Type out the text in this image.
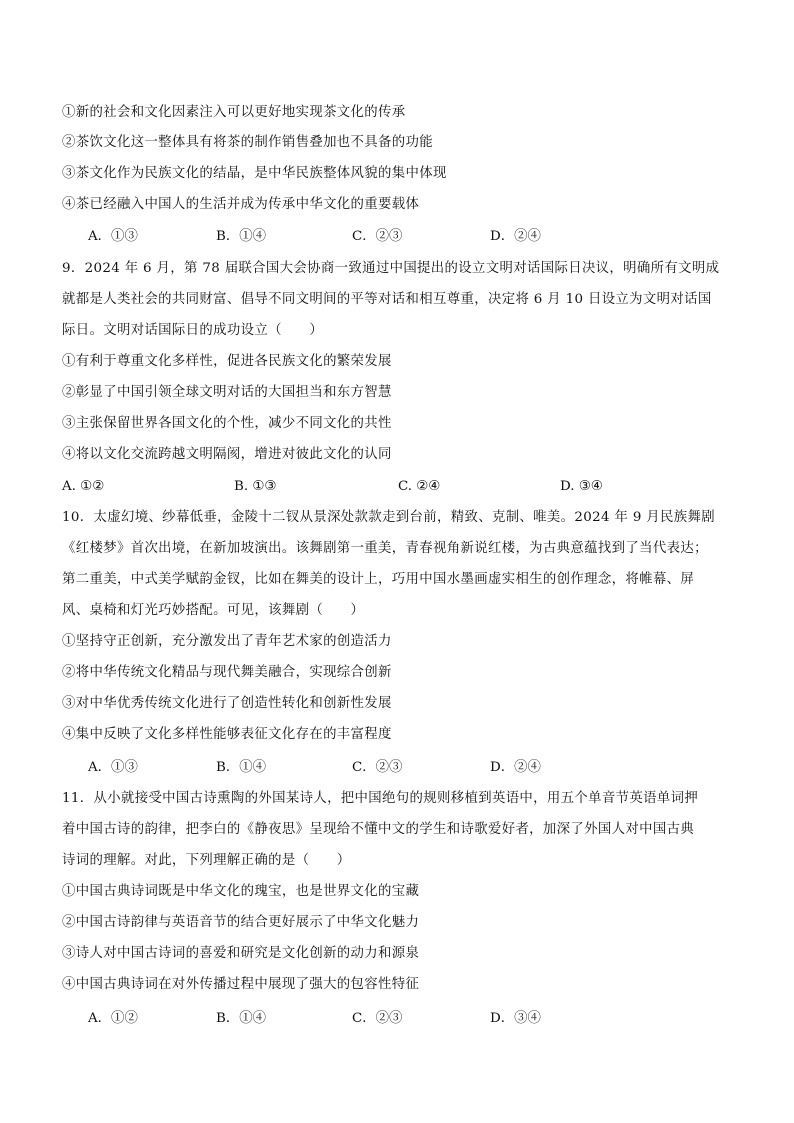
①新的社会和文化因素注入可以更好地实现茶文化的传承
②茶饮文化这一整体具有将茶的制作销售叠加也不具备的功能
③茶文化作为民族文化的结晶，是中华民族整体风貌的集中体现
④茶已经融入中国人的生活并成为传承中华文化的重要载体
A．①③	B．①④	C．②③	D．②④
9．2024 年 6 月，第 78 届联合国大会协商一致通过中国提出的设立文明对话国际日决议，明确所有文明成
就都是人类社会的共同财富、倡导不同文明间的平等对话和相互尊重，决定将 6 月 10 日设立为文明对话国
际日。文明对话国际日的成功设立（　　）
①有利于尊重文化多样性，促进各民族文化的繁荣发展
②彰显了中国引领全球文明对话的大国担当和东方智慧
③主张保留世界各国文化的个性，减少不同文化的共性
④将以文化交流跨越文明隔阂，增进对彼此文化的认同
A. ①②	B. ①③	C. ②④	D. ③④
10．太虚幻境、纱幕低垂，金陵十二钗从景深处款款走到台前，精致、克制、唯美。2024 年 9 月民族舞剧
《红楼梦》首次出境，在新加坡演出。该舞剧第一重美，青春视角新说红楼，为古典意蕴找到了当代表达；
第二重美，中式美学赋韵金钗，比如在舞美的设计上，巧用中国水墨画虚实相生的创作理念，将帷幕、屏
风、桌椅和灯光巧妙搭配。可见，该舞剧（　　）
①坚持守正创新，充分激发出了青年艺术家的创造活力
②将中华传统文化精品与现代舞美融合，实现综合创新
③对中华优秀传统文化进行了创造性转化和创新性发展
④集中反映了文化多样性能够表征文化存在的丰富程度
A．①③	B．①④	C．②③	D．②④
11．从小就接受中国古诗熏陶的外国某诗人，把中国绝句的规则移植到英语中，用五个单音节英语单词押
着中国古诗的韵律，把李白的《静夜思》呈现给不懂中文的学生和诗歌爱好者，加深了外国人对中国古典
诗词的理解。对此，下列理解正确的是（　　）
①中国古典诗词既是中华文化的瑰宝，也是世界文化的宝藏
②中国古诗韵律与英语音节的结合更好展示了中华文化魅力
③诗人对中国古诗词的喜爱和研究是文化创新的动力和源泉
④中国古典诗词在对外传播过程中展现了强大的包容性特征
A．①②	B．①④	C．②③	D．③④
